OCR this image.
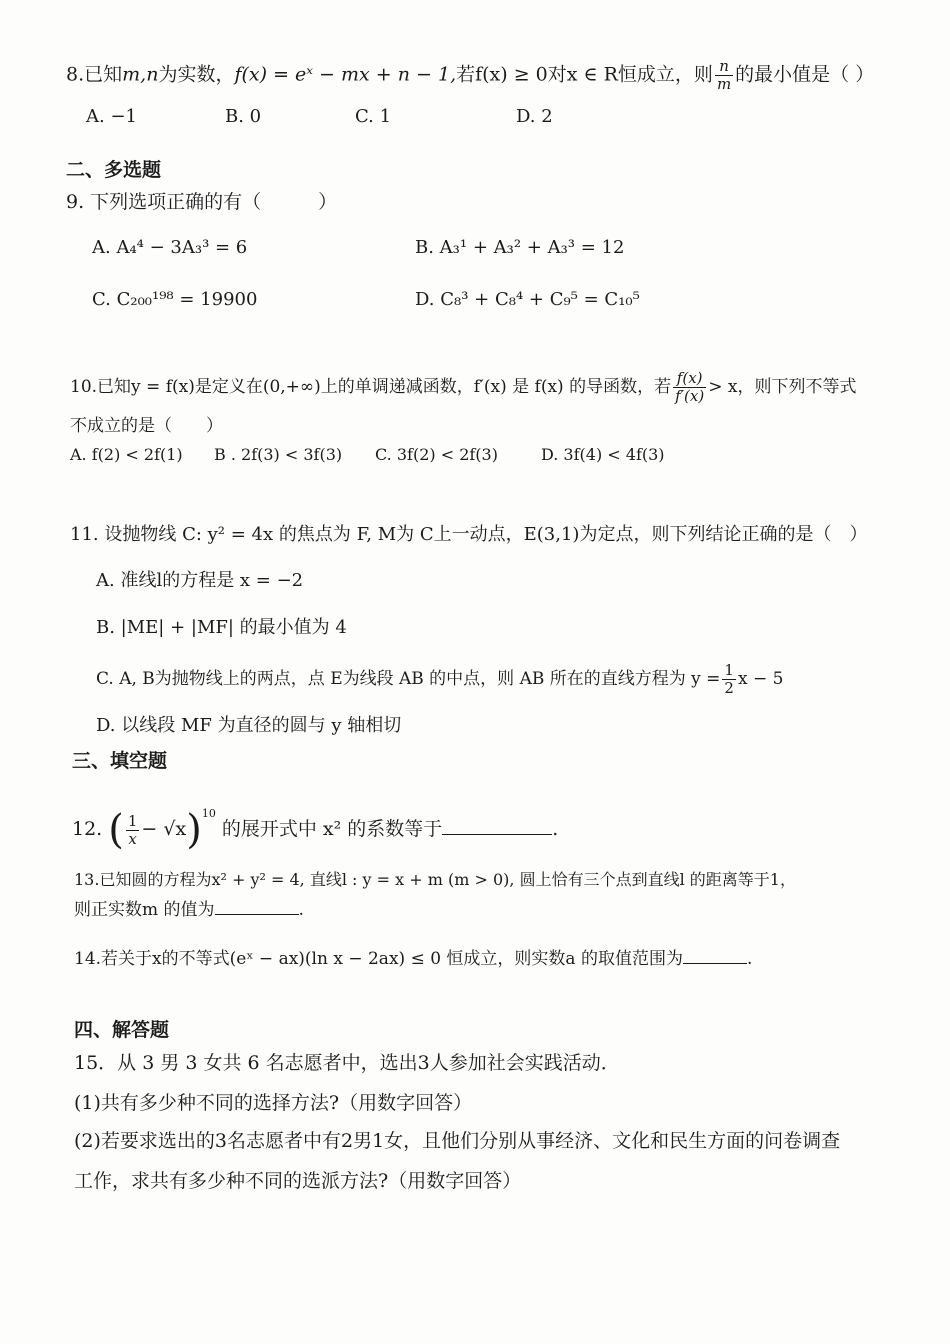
8.已知m,n为实数，f(x) = eˣ − mx + n − 1,若f(x) ≥ 0对x ∈ R恒成立，则 $\frac{n}{m}$ 的最小值是（ ）
A. −1	B. 0	C. 1	D. 2
二、多选题
9. 下列选项正确的有（　　　）
A. A₄⁴ − 3A₃³ = 6	B. A₃¹ + A₃² + A₃³ = 12
C. C₂₀₀¹⁹⁸ = 19900	D. C₈³ + C₈⁴ + C₉⁵ = C₁₀⁵
10.已知y = f(x)是定义在(0,+∞)上的单调递减函数，f′(x) 是 f(x) 的导函数，若 $\frac{f(x)}{f'(x)} > x$，则下列不等式
不成立的是（　　）
A. f(2) < 2f(1) B . 2f(3) < 3f(3) C. 3f(2) < 2f(3)	D. 3f(4) < 4f(3)
11. 设抛物线 C: y² = 4x 的焦点为 F, M为 C上一动点，E(3,1)为定点，则下列结论正确的是（　）
A. 准线l的方程是 x = −2
B. |ME| + |MF| 的最小值为 4
C. A, B为抛物线上的两点，点 E为线段 AB 的中点，则 AB 所在的直线方程为 $y = \frac{1}{2}$ x − 5
D. 以线段 MF 为直径的圆与 y 轴相切
三、填空题
12. ( $\frac{1}{x} - √x)^{10}$ 的展开式中 x² 的系数等于	.
13.已知圆的方程为x² + y² = 4, 直线l : y = x + m (m > 0), 圆上恰有三个点到直线l 的距离等于1，
则正实数m 的值为	.
14.若关于x的不等式(eˣ − ax)(ln x − 2ax) ≤ 0 恒成立，则实数a 的取值范围为	.
四、解答题
15．从 3 男 3 女共 6 名志愿者中，选出3人参加社会实践活动．
(1)共有多少种不同的选择方法?（用数字回答）
(2)若要求选出的3名志愿者中有2男1女，且他们分别从事经济、文化和民生方面的问卷调查
工作，求共有多少种不同的选派方法?（用数字回答）
